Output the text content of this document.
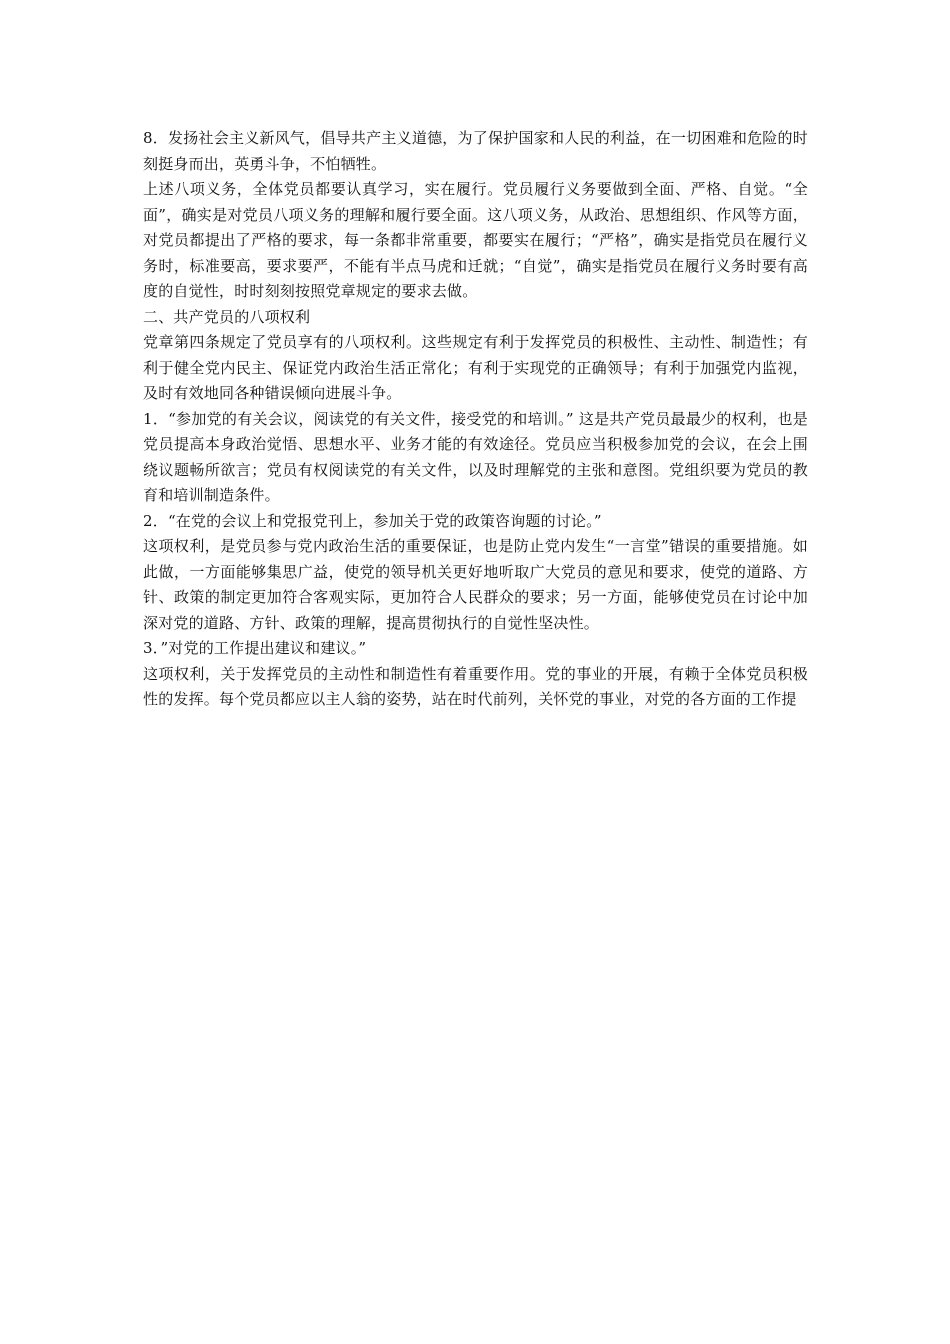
8．发扬社会主义新风气，倡导共产主义道德，为了保护国家和人民的利益，在一切困难和危险的时刻挺身而出，英勇斗争，不怕牺牲。

上述八项义务，全体党员都要认真学习，实在履行。党员履行义务要做到全面、严格、自觉。“全面”，确实是对党员八项义务的理解和履行要全面。这八项义务，从政治、思想组织、作风等方面，对党员都提出了严格的要求，每一条都非常重要，都要实在履行；“严格”，确实是指党员在履行义务时，标准要高，要求要严，不能有半点马虎和迁就；“自觉”，确实是指党员在履行义务时要有高度的自觉性，时时刻刻按照党章规定的要求去做。

二、共产党员的八项权利

党章第四条规定了党员享有的八项权利。这些规定有利于发挥党员的积极性、主动性、制造性；有利于健全党内民主、保证党内政治生活正常化；有利于实现党的正确领导；有利于加强党内监视，及时有效地同各种错误倾向进展斗争。

1．“参加党的有关会议，阅读党的有关文件，接受党的和培训。” 这是共产党员最最少的权利，也是党员提高本身政治觉悟、思想水平、业务才能的有效途径。党员应当积极参加党的会议，在会上围绕议题畅所欲言；党员有权阅读党的有关文件，以及时理解党的主张和意图。党组织要为党员的教育和培训制造条件。

2．“在党的会议上和党报党刊上，参加关于党的政策咨询题的讨论。”

这项权利，是党员参与党内政治生活的重要保证，也是防止党内发生“一言堂”错误的重要措施。如此做，一方面能够集思广益，使党的领导机关更好地听取广大党员的意见和要求，使党的道路、方针、政策的制定更加符合客观实际，更加符合人民群众的要求；另一方面，能够使党员在讨论中加深对党的道路、方针、政策的理解，提高贯彻执行的自觉性坚决性。

3．”对党的工作提出建议和建议。”

这项权利，关于发挥党员的主动性和制造性有着重要作用。党的事业的开展，有赖于全体党员积极性的发挥。每个党员都应以主人翁的姿势，站在时代前列，关怀党的事业，对党的各方面的工作提
